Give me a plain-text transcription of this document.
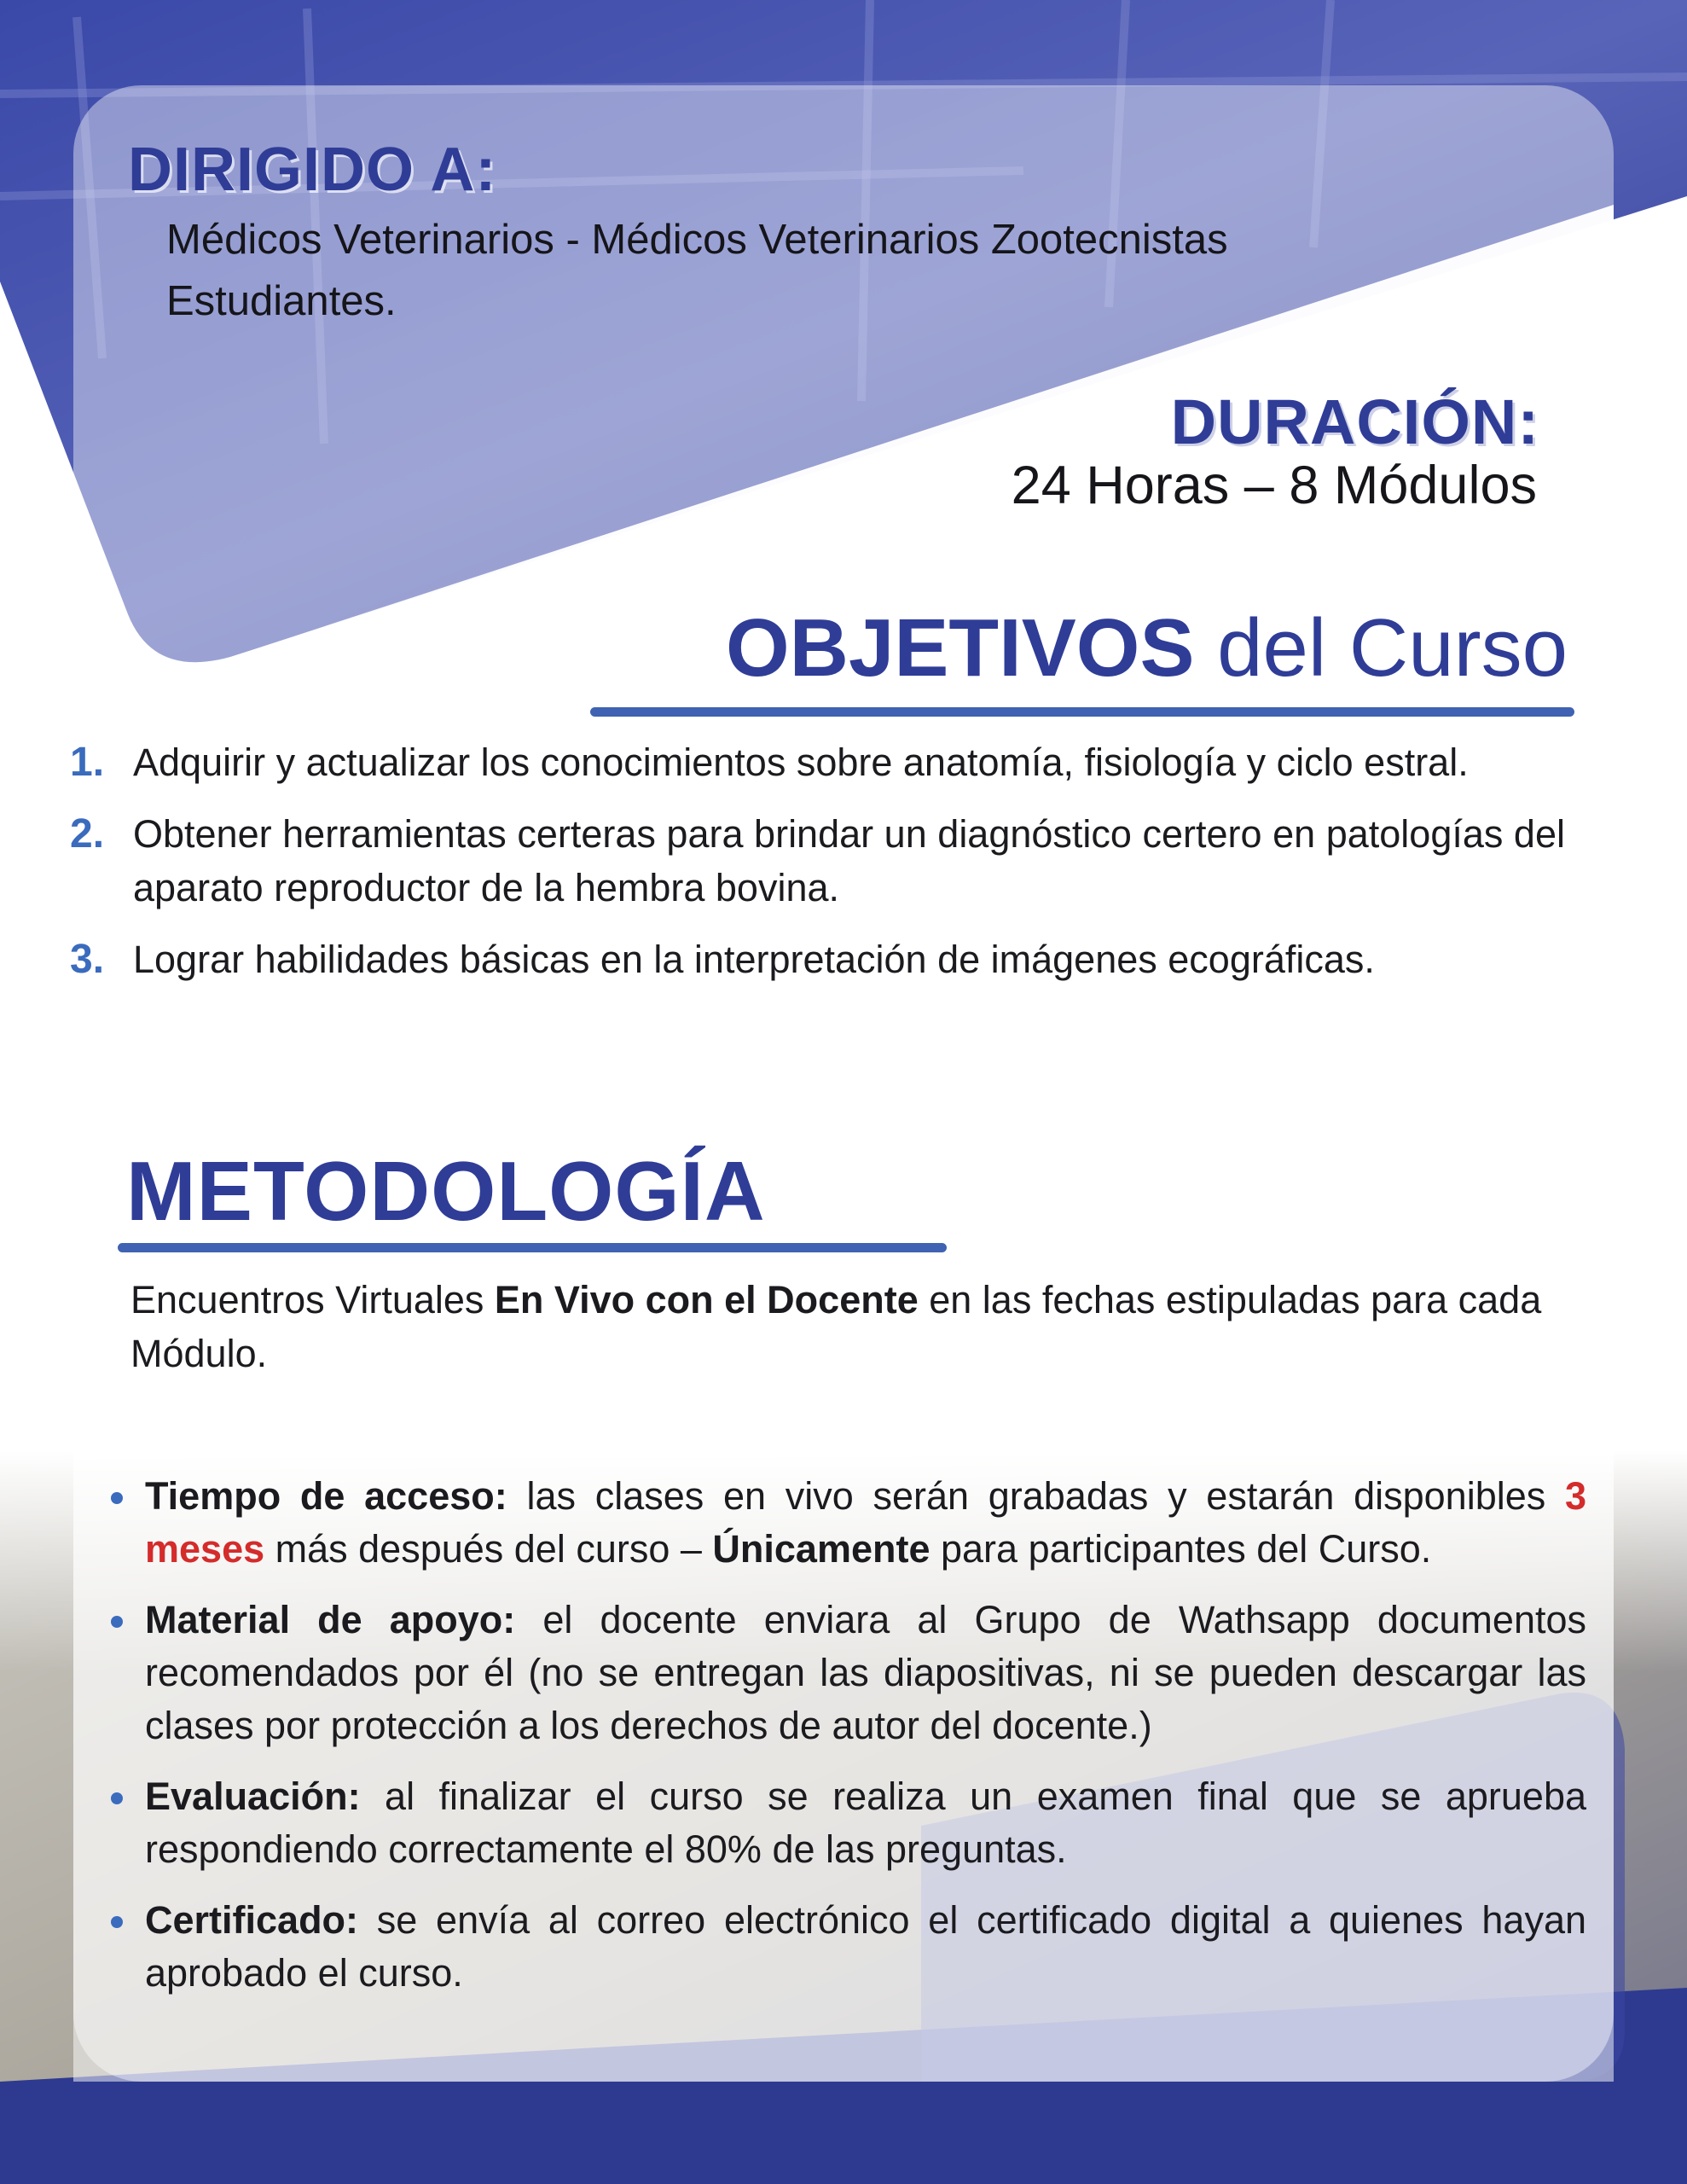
DIRIGIDO A:
Médicos Veterinarios - Médicos Veterinarios Zootecnistas
Estudiantes.
DURACIÓN:
24 Horas – 8 Módulos
OBJETIVOS del Curso
1. Adquirir y actualizar los conocimientos sobre anatomía, fisiología y ciclo estral.
2. Obtener herramientas certeras para brindar un diagnóstico certero en patologías del aparato reproductor de la hembra bovina.
3. Lograr habilidades básicas en la interpretación de imágenes ecográficas.
METODOLOGÍA

Encuentros Virtuales En Vivo con el Docente en las fechas estipuladas para cada Módulo.

Tiempo de acceso: las clases en vivo serán grabadas y estarán disponibles 3 meses más después del curso – Únicamente para participantes del Curso.
Material de apoyo: el docente enviara al Grupo de Wathsapp documentos recomendados por él (no se entregan las diapositivas, ni se pueden descargar las clases por protección a los derechos de autor del docente.)
Evaluación: al finalizar el curso se realiza un examen final que se aprueba respondiendo correctamente el 80% de las preguntas.
Certificado: se envía al correo electrónico el certificado digital a quienes hayan aprobado el curso.
